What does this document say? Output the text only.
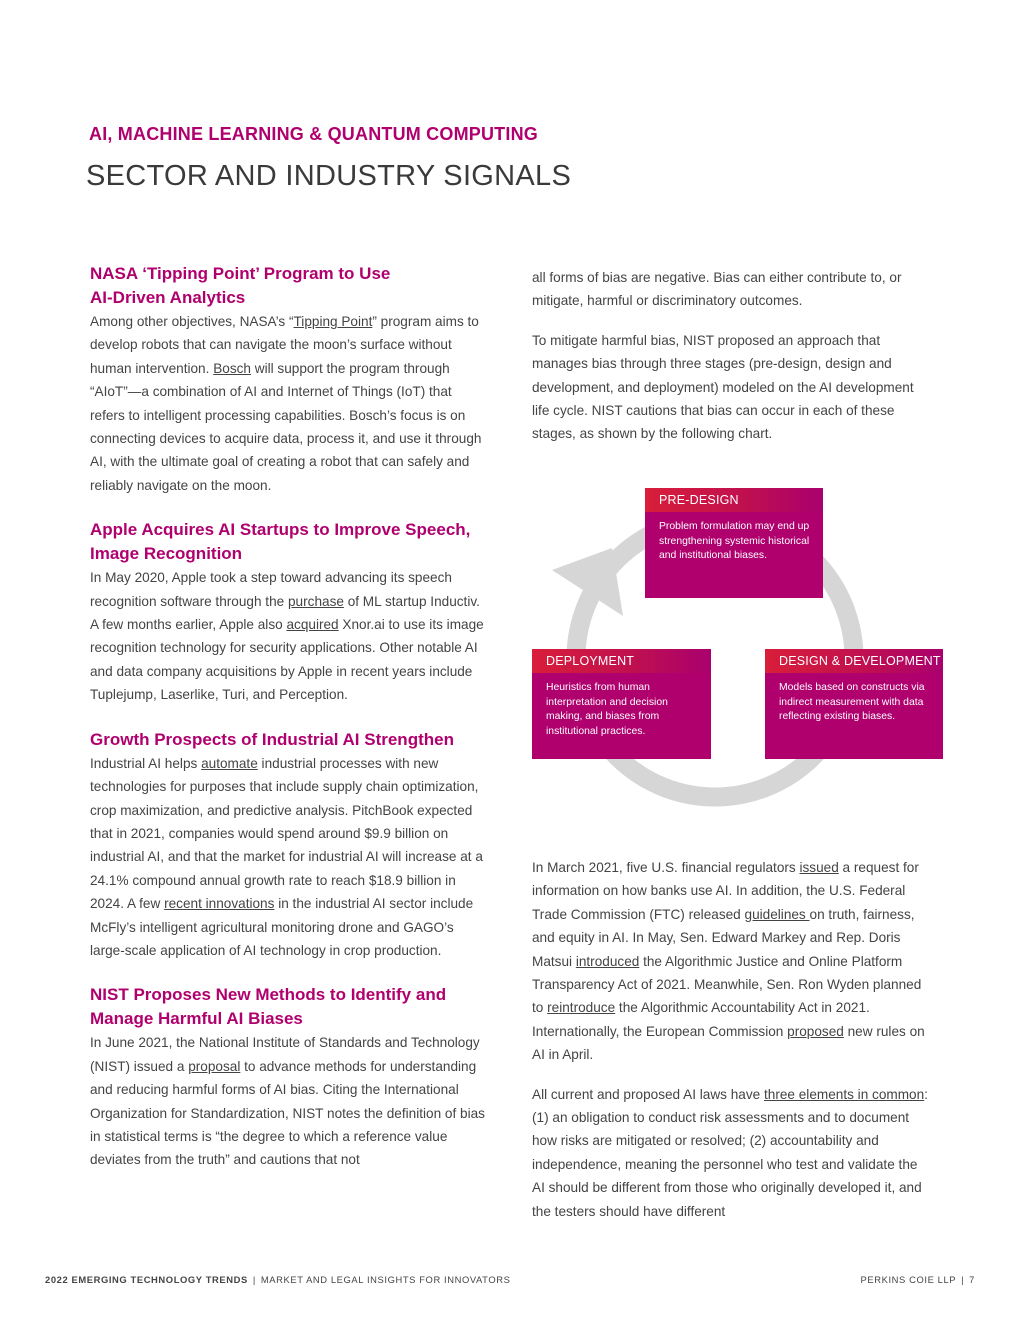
AI, MACHINE LEARNING & QUANTUM COMPUTING
SECTOR AND INDUSTRY SIGNALS
NASA ‘Tipping Point’ Program to Use
AI-Driven Analytics

Among other objectives, NASA’s “Tipping Point” program aims to develop robots that can navigate the moon’s surface without human intervention. Bosch will support the program through “AIoT”—a combination of AI and Internet of Things (IoT) that refers to intelligent processing capabilities. Bosch’s focus is on connecting devices to acquire data, process it, and use it through AI, with the ultimate goal of creating a robot that can safely and reliably navigate on the moon.

Apple Acquires AI Startups to Improve Speech,
Image Recognition

In May 2020, Apple took a step toward advancing its speech recognition software through the purchase of ML startup Inductiv. A few months earlier, Apple also acquired Xnor.ai to use its image recognition technology for security applications. Other notable AI and data company acquisitions by Apple in recent years include Tuplejump, Laserlike, Turi, and Perception.

Growth Prospects of Industrial AI Strengthen

Industrial AI helps automate industrial processes with new technologies for purposes that include supply chain optimization, crop maximization, and predictive analysis. PitchBook expected that in 2021, companies would spend around $9.9 billion on industrial AI, and that the market for industrial AI will increase at a 24.1% compound annual growth rate to reach $18.9 billion in 2024. A few recent innovations in the industrial AI sector include McFly’s intelligent agricultural monitoring drone and GAGO’s large-scale application of AI technology in crop production.

NIST Proposes New Methods to Identify and
Manage Harmful AI Biases

In June 2021, the National Institute of Standards and Technology (NIST) issued a proposal to advance methods for understanding and reducing harmful forms of AI bias. Citing the International Organization for Standardization, NIST notes the definition of bias in statistical terms is “the degree to which a reference value deviates from the truth” and cautions that not

all forms of bias are negative. Bias can either contribute to, or mitigate, harmful or discriminatory outcomes.

To mitigate harmful bias, NIST proposed an approach that manages bias through three stages (pre-design, design and development, and deployment) modeled on the AI development life cycle. NIST cautions that bias can occur in each of these stages, as shown by the following chart.

PRE-DESIGN
Problem formulation may end up strengthening systemic historical and institutional biases.
DEPLOYMENT
Heuristics from human interpretation and decision making, and biases from institutional practices.
DESIGN & DEVELOPMENT
Models based on constructs via indirect measurement with data reflecting existing biases.

In March 2021, five U.S. financial regulators issued a request for information on how banks use AI. In addition, the U.S. Federal Trade Commission (FTC) released guidelines on truth, fairness, and equity in AI. In May, Sen. Edward Markey and Rep. Doris Matsui introduced the Algorithmic Justice and Online Platform Transparency Act of 2021. Meanwhile, Sen. Ron Wyden planned to reintroduce the Algorithmic Accountability Act in 2021. Internationally, the European Commission proposed new rules on AI in April.

All current and proposed AI laws have three elements in common: (1) an obligation to conduct risk assessments and to document how risks are mitigated or resolved; (2) accountability and independence, meaning the personnel who test and validate the AI should be different from those who originally developed it, and the testers should have different

2022 EMERGING TECHNOLOGY TRENDS | MARKET AND LEGAL INSIGHTS FOR INNOVATORS	PERKINS COIE LLP | 7
